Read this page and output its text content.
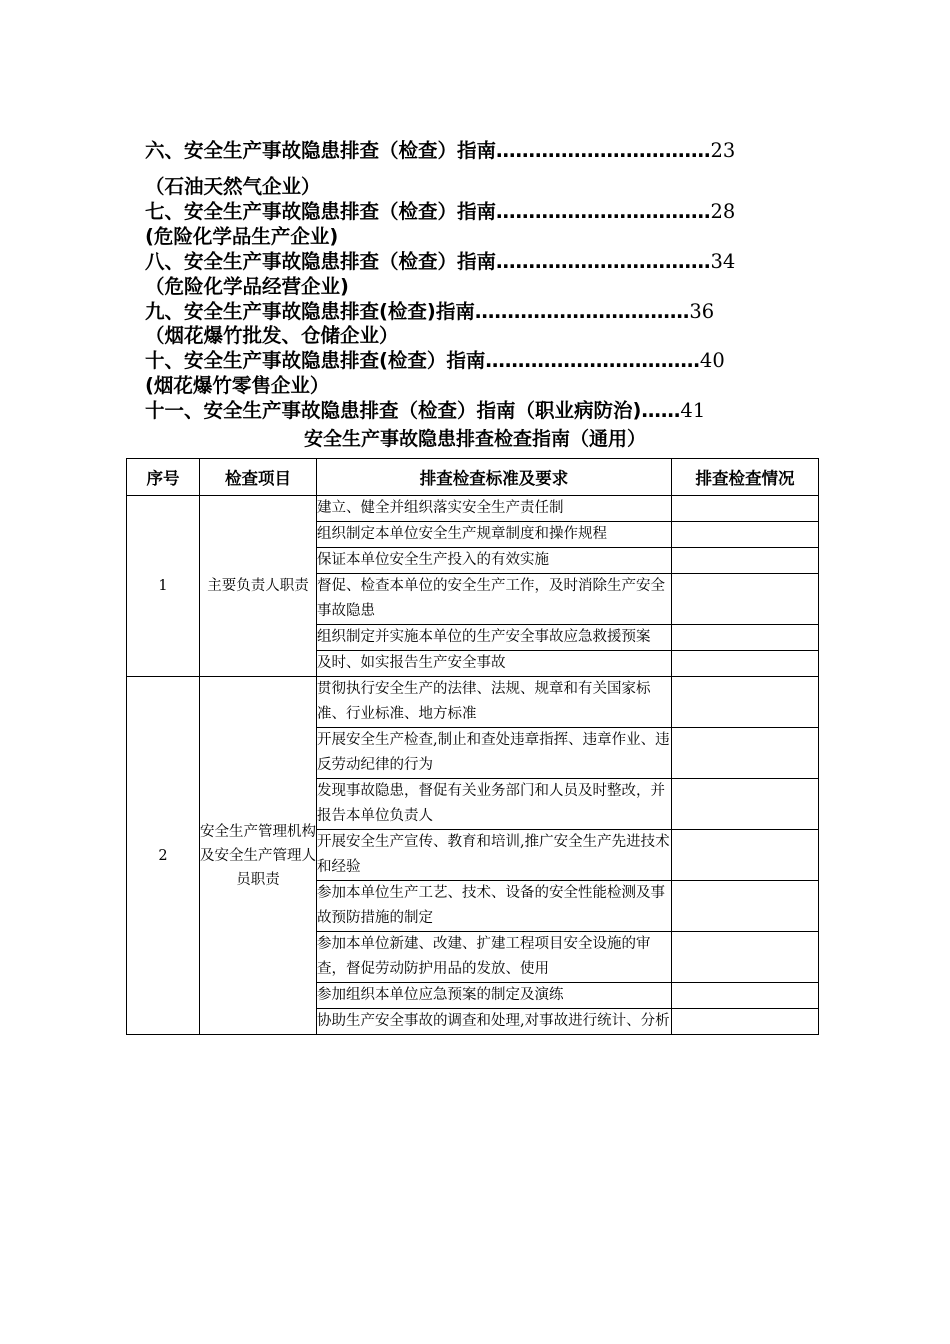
六、安全生产事故隐患排查（检查）指南……………………………23
（石油天然气企业）
七、安全生产事故隐患排查（检查）指南……………………………28
(危险化学品生产企业)
八、安全生产事故隐患排查（检查）指南……………………………34
（危险化学品经营企业)
九、安全生产事故隐患排查(检查)指南……………………………36
（烟花爆竹批发、仓储企业）
十、安全生产事故隐患排查(检查）指南……………………………40
(烟花爆竹零售企业）
十一、安全生产事故隐患排查（检查）指南（职业病防治)……41
安全生产事故隐患排查检查指南（通用）
序号	检查项目	排查检查标准及要求	排查检查情况
1	主要负责人职责	建立、健全并组织落实安全生产责任制	
		组织制定本单位安全生产规章制度和操作规程	
		保证本单位安全生产投入的有效实施	
		督促、检查本单位的安全生产工作，及时消除生产安全事故隐患	
		组织制定并实施本单位的生产安全事故应急救援预案	
		及时、如实报告生产安全事故	
2	安全生产管理机构及安全生产管理人员职责	贯彻执行安全生产的法律、法规、规章和有关国家标准、行业标准、地方标准	
		开展安全生产检查,制止和查处违章指挥、违章作业、违反劳动纪律的行为	
		发现事故隐患，督促有关业务部门和人员及时整改，并报告本单位负责人	
		开展安全生产宣传、教育和培训,推广安全生产先进技术和经验	
		参加本单位生产工艺、技术、设备的安全性能检测及事故预防措施的制定	
		参加本单位新建、改建、扩建工程项目安全设施的审查，督促劳动防护用品的发放、使用	
		参加组织本单位应急预案的制定及演练	
		协助生产安全事故的调查和处理,对事故进行统计、分析	
